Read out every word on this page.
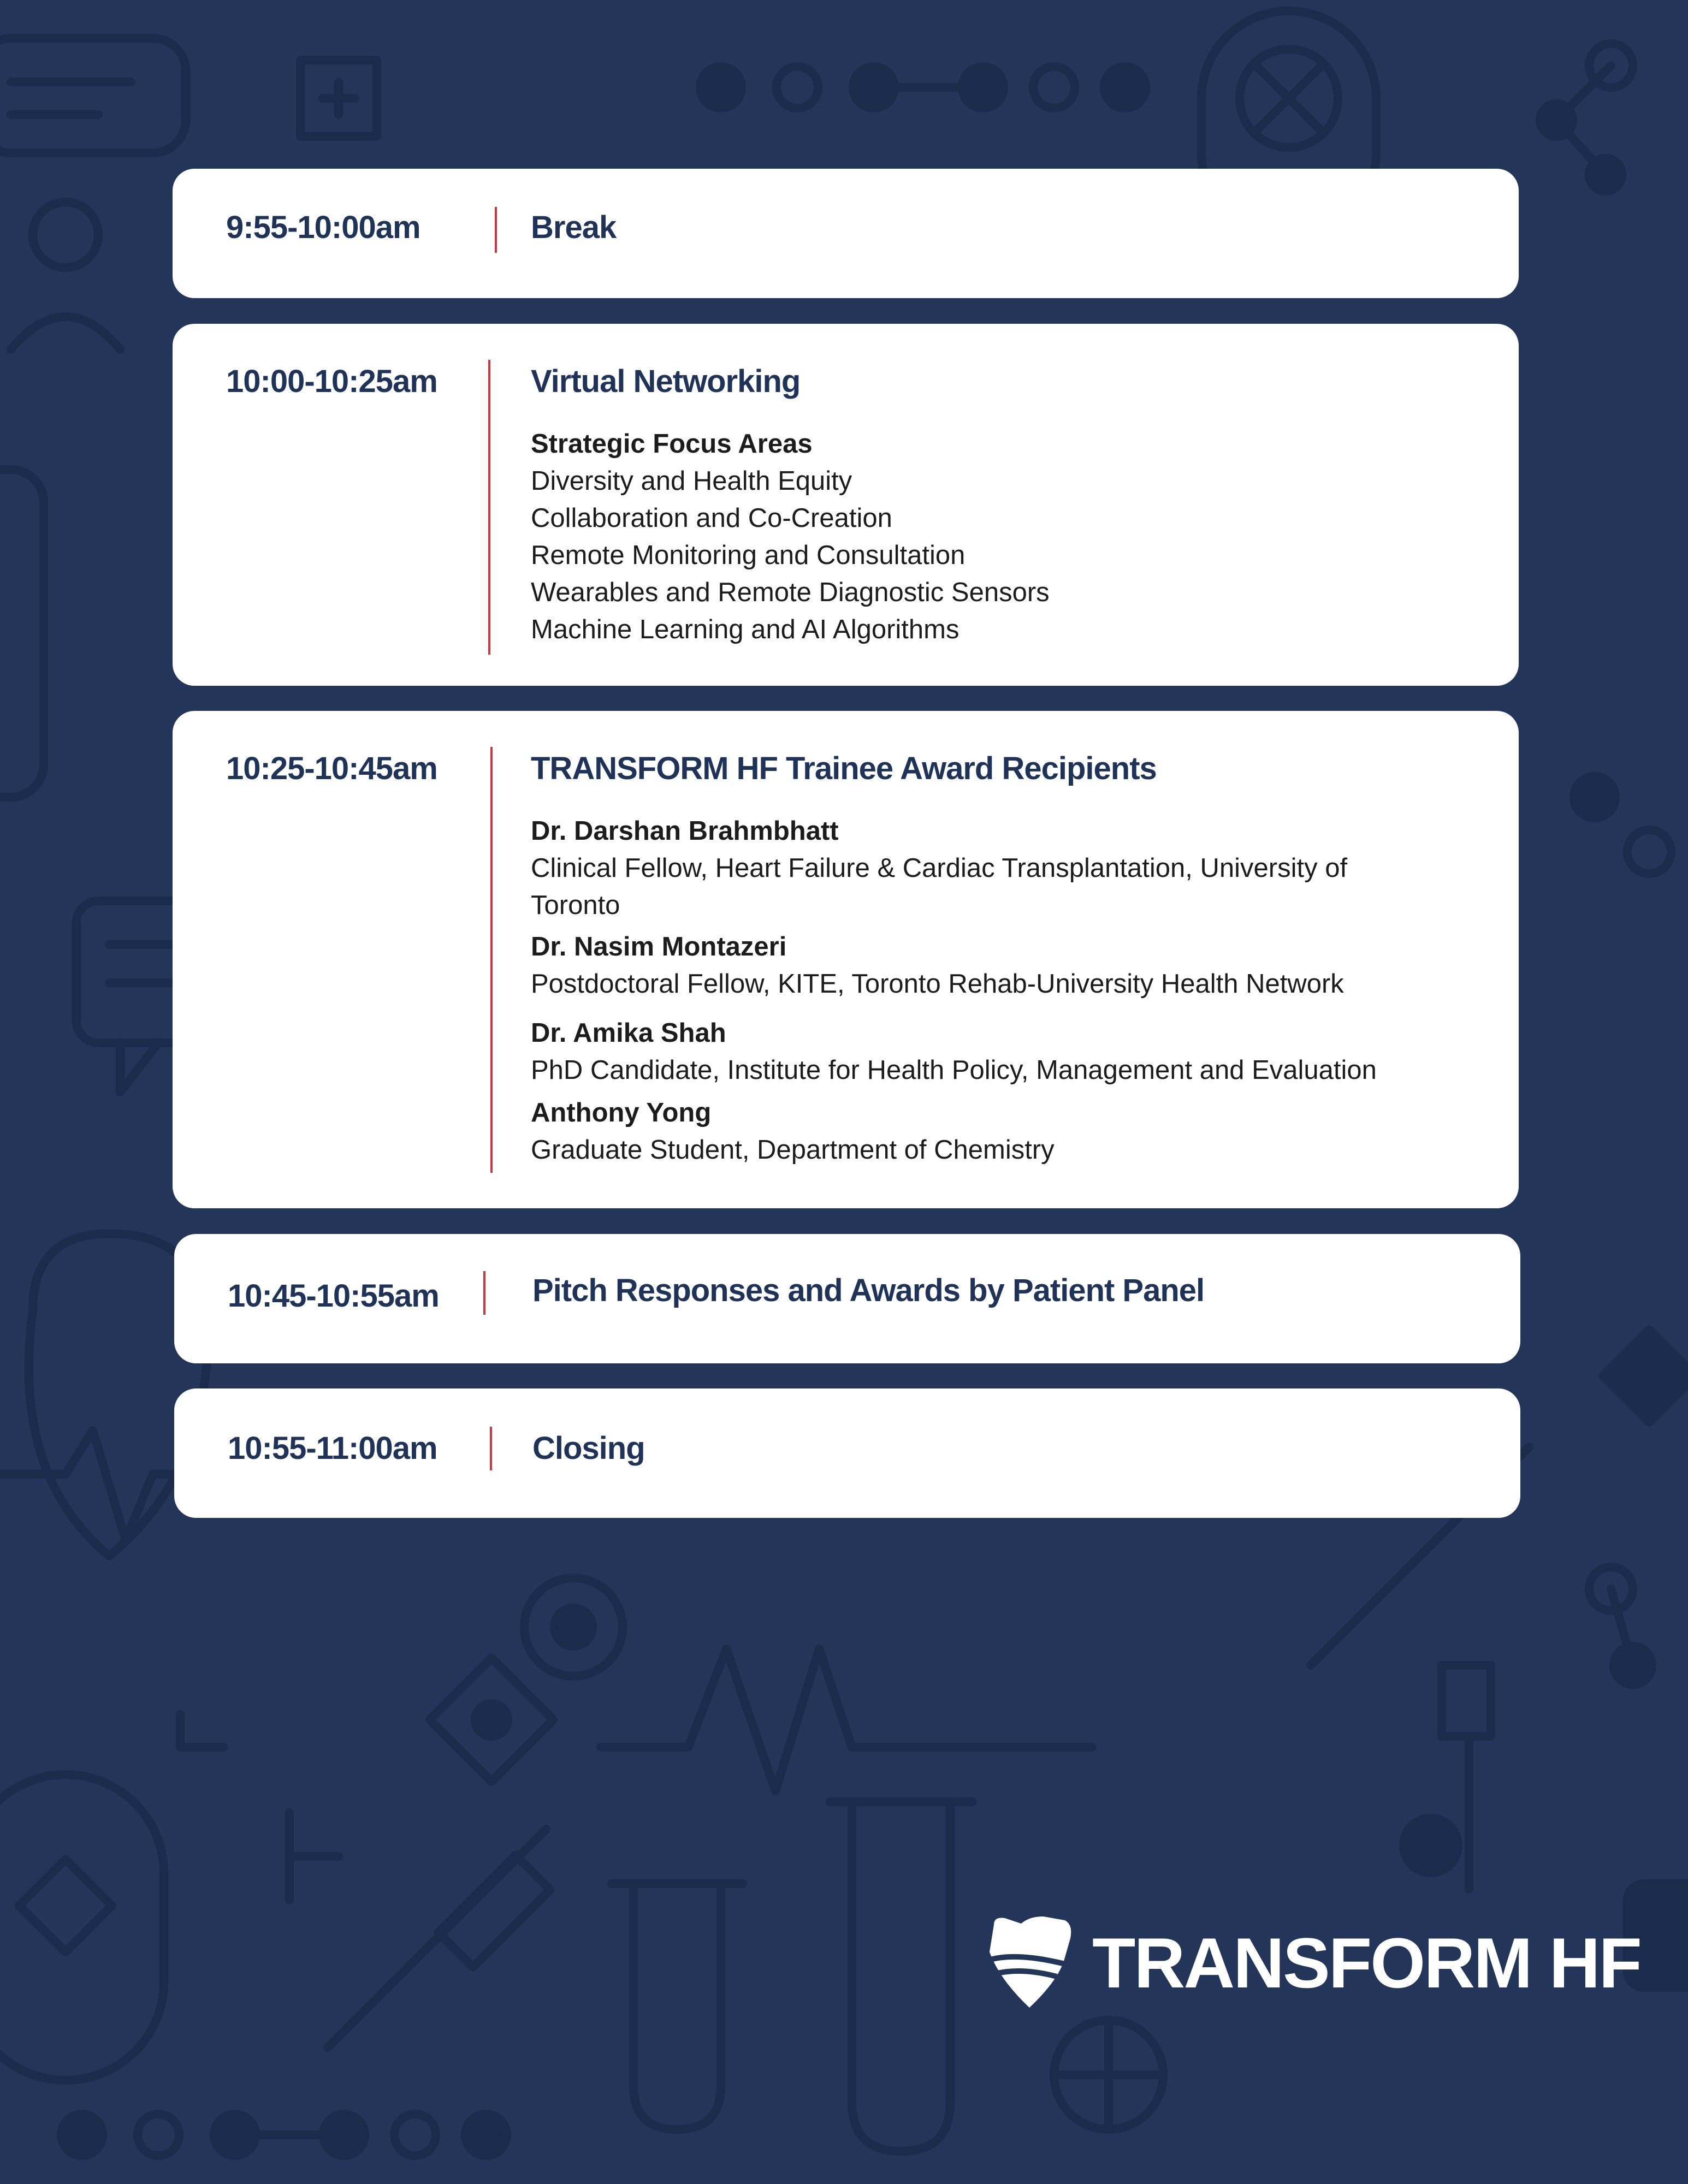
9:55-10:00am	Break
10:00-10:25am	Virtual Networking
Strategic Focus Areas
Diversity and Health Equity
Collaboration and Co-Creation
Remote Monitoring and Consultation
Wearables and Remote Diagnostic Sensors
Machine Learning and AI Algorithms
10:25-10:45am	TRANSFORM HF Trainee Award Recipients
Dr. Darshan Brahmbhatt
Clinical Fellow, Heart Failure & Cardiac Transplantation, University of
Toronto
Dr. Nasim Montazeri
Postdoctoral Fellow, KITE, Toronto Rehab-University Health Network
Dr. Amika Shah
PhD Candidate, Institute for Health Policy, Management and Evaluation
Anthony Yong
Graduate Student, Department of Chemistry
10:45-10:55am	Pitch Responses and Awards by Patient Panel
10:55-11:00am	Closing
TRANSFORM HF
